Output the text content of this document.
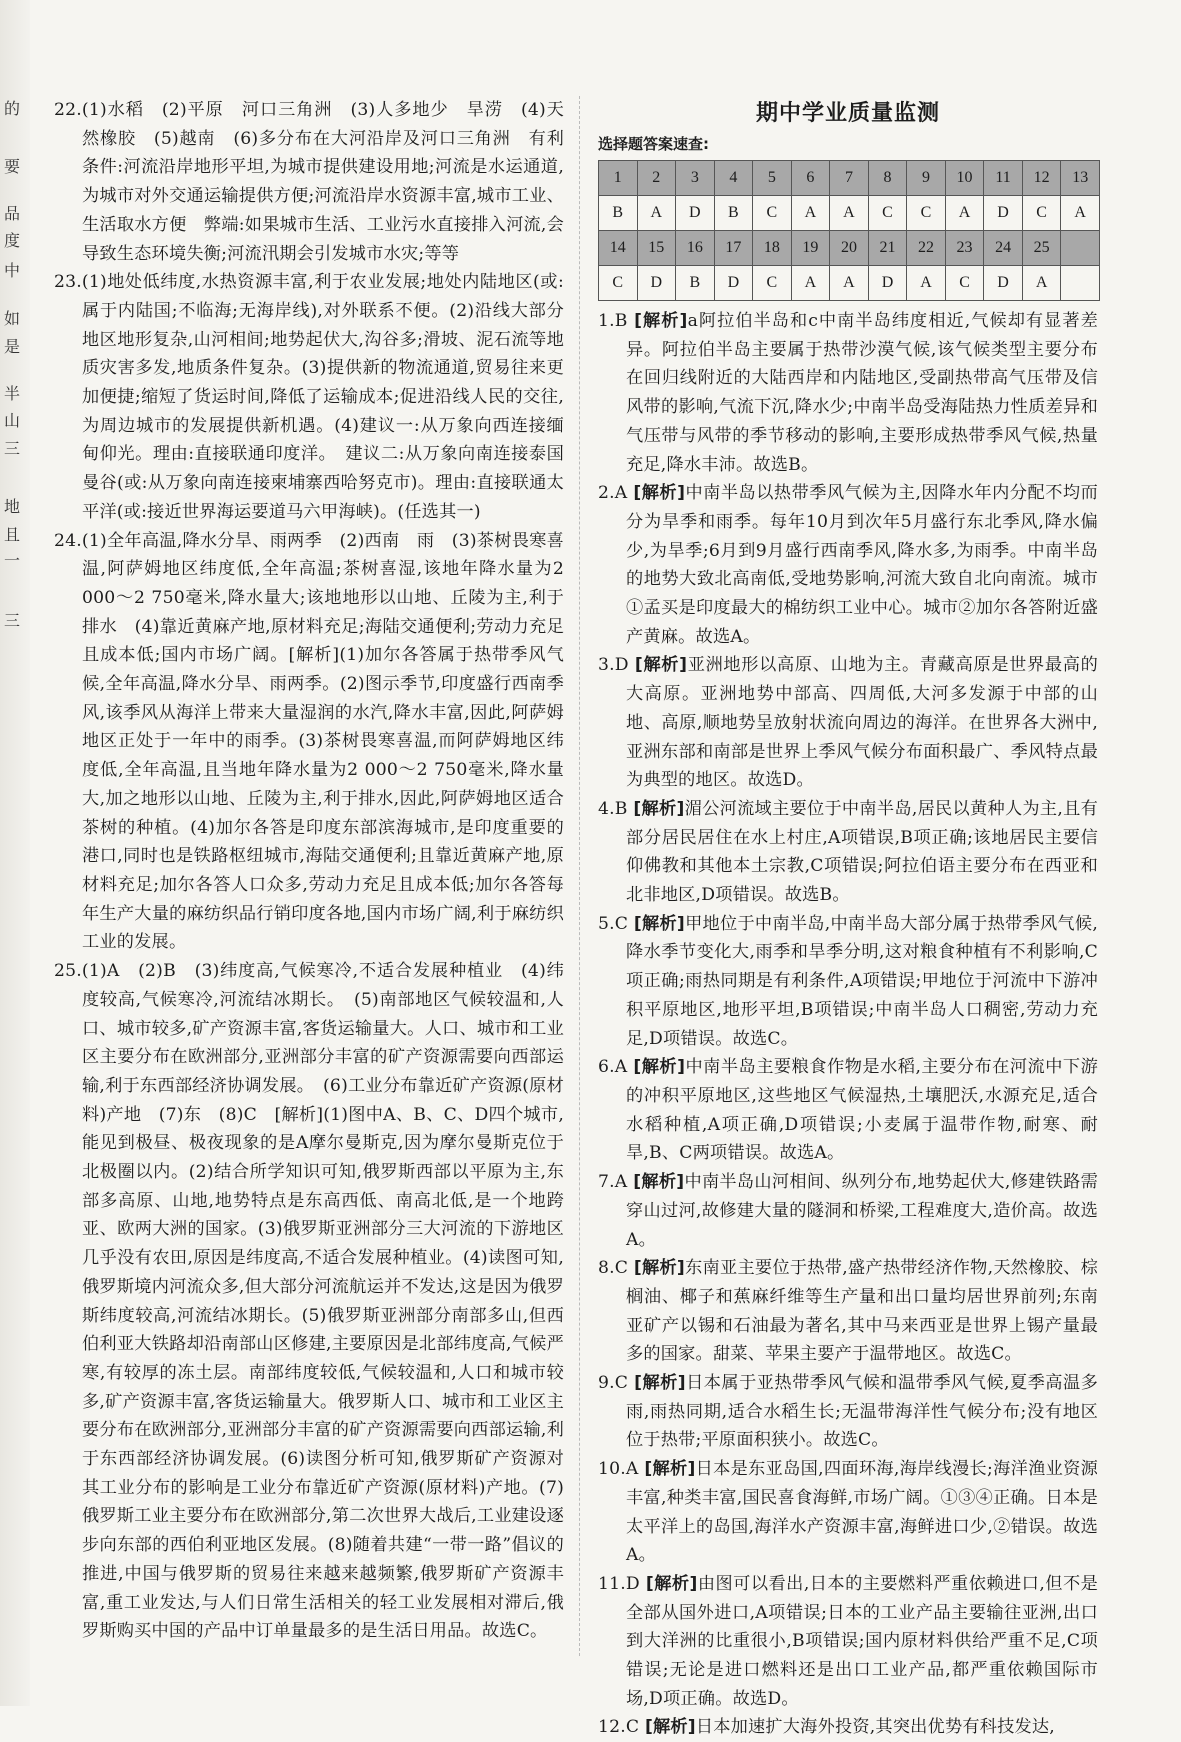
的
要
品
度
中
如
是
半
山
三
地
且
一
三

22.(1)水稻　(2)平原　河口三角洲　(3)人多地少　旱涝　(4)天然橡胶　(5)越南　(6)多分布在大河沿岸及河口三角洲　有利条件:河流沿岸地形平坦,为城市提供建设用地;河流是水运通道,为城市对外交通运输提供方便;河流沿岸水资源丰富,城市工业、生活取水方便　弊端:如果城市生活、工业污水直接排入河流,会导致生态环境失衡;河流汛期会引发城市水灾;等等

23.(1)地处低纬度,水热资源丰富,利于农业发展;地处内陆地区(或:属于内陆国;不临海;无海岸线),对外联系不便。(2)沿线大部分地区地形复杂,山河相间;地势起伏大,沟谷多;滑坡、泥石流等地质灾害多发,地质条件复杂。(3)提供新的物流通道,贸易往来更加便捷;缩短了货运时间,降低了运输成本;促进沿线人民的交往,为周边城市的发展提供新机遇。(4)建议一:从万象向西连接缅甸仰光。理由:直接联通印度洋。　建议二:从万象向南连接泰国曼谷(或:从万象向南连接柬埔寨西哈努克市)。理由:直接联通太平洋(或:接近世界海运要道马六甲海峡)。(任选其一)

24.(1)全年高温,降水分旱、雨两季　(2)西南　雨　(3)茶树畏寒喜温,阿萨姆地区纬度低,全年高温;茶树喜湿,该地年降水量为2 000～2 750毫米,降水量大;该地地形以山地、丘陵为主,利于排水　(4)靠近黄麻产地,原材料充足;海陆交通便利;劳动力充足且成本低;国内市场广阔。[解析](1)加尔各答属于热带季风气候,全年高温,降水分旱、雨两季。(2)图示季节,印度盛行西南季风,该季风从海洋上带来大量湿润的水汽,降水丰富,因此,阿萨姆地区正处于一年中的雨季。(3)茶树畏寒喜温,而阿萨姆地区纬度低,全年高温,且当地年降水量为2 000～2 750毫米,降水量大,加之地形以山地、丘陵为主,利于排水,因此,阿萨姆地区适合茶树的种植。(4)加尔各答是印度东部滨海城市,是印度重要的港口,同时也是铁路枢纽城市,海陆交通便利;且靠近黄麻产地,原材料充足;加尔各答人口众多,劳动力充足且成本低;加尔各答每年生产大量的麻纺织品行销印度各地,国内市场广阔,利于麻纺织工业的发展。

25.(1)A　(2)B　(3)纬度高,气候寒冷,不适合发展种植业　(4)纬度较高,气候寒冷,河流结冰期长。　(5)南部地区气候较温和,人口、城市较多,矿产资源丰富,客货运输量大。人口、城市和工业区主要分布在欧洲部分,亚洲部分丰富的矿产资源需要向西部运输,利于东西部经济协调发展。　(6)工业分布靠近矿产资源(原材料)产地　(7)东　(8)C　[解析](1)图中A、B、C、D四个城市,能见到极昼、极夜现象的是A摩尔曼斯克,因为摩尔曼斯克位于北极圈以内。(2)结合所学知识可知,俄罗斯西部以平原为主,东部多高原、山地,地势特点是东高西低、南高北低,是一个地跨亚、欧两大洲的国家。(3)俄罗斯亚洲部分三大河流的下游地区几乎没有农田,原因是纬度高,不适合发展种植业。(4)读图可知,俄罗斯境内河流众多,但大部分河流航运并不发达,这是因为俄罗斯纬度较高,河流结冰期长。(5)俄罗斯亚洲部分南部多山,但西伯利亚大铁路却沿南部山区修建,主要原因是北部纬度高,气候严寒,有较厚的冻土层。南部纬度较低,气候较温和,人口和城市较多,矿产资源丰富,客货运输量大。俄罗斯人口、城市和工业区主要分布在欧洲部分,亚洲部分丰富的矿产资源需要向西部运输,利于东西部经济协调发展。(6)读图分析可知,俄罗斯矿产资源对其工业分布的影响是工业分布靠近矿产资源(原材料)产地。(7)俄罗斯工业主要分布在欧洲部分,第二次世界大战后,工业建设逐步向东部的西伯利亚地区发展。(8)随着共建“一带一路”倡议的推进,中国与俄罗斯的贸易往来越来越频繁,俄罗斯矿产资源丰富,重工业发达,与人们日常生活相关的轻工业发展相对滞后,俄罗斯购买中国的产品中订单量最多的是生活日用品。故选C。

期中学业质量监测

选择题答案速查:

1	2	3	4	5	6	7	8	9	10	11	12	13
B	A	D	B	C	A	A	C	C	A	D	C	A
14	15	16	17	18	19	20	21	22	23	24	25	
C	D	B	D	C	A	A	D	A	C	D	A	

1.B [解析]a阿拉伯半岛和c中南半岛纬度相近,气候却有显著差异。阿拉伯半岛主要属于热带沙漠气候,该气候类型主要分布在回归线附近的大陆西岸和内陆地区,受副热带高气压带及信风带的影响,气流下沉,降水少;中南半岛受海陆热力性质差异和气压带与风带的季节移动的影响,主要形成热带季风气候,热量充足,降水丰沛。故选B。

2.A [解析]中南半岛以热带季风气候为主,因降水年内分配不均而分为旱季和雨季。每年10月到次年5月盛行东北季风,降水偏少,为旱季;6月到9月盛行西南季风,降水多,为雨季。中南半岛的地势大致北高南低,受地势影响,河流大致自北向南流。城市①孟买是印度最大的棉纺织工业中心。城市②加尔各答附近盛产黄麻。故选A。

3.D [解析]亚洲地形以高原、山地为主。青藏高原是世界最高的大高原。亚洲地势中部高、四周低,大河多发源于中部的山地、高原,顺地势呈放射状流向周边的海洋。在世界各大洲中,亚洲东部和南部是世界上季风气候分布面积最广、季风特点最为典型的地区。故选D。

4.B [解析]湄公河流域主要位于中南半岛,居民以黄种人为主,且有部分居民居住在水上村庄,A项错误,B项正确;该地居民主要信仰佛教和其他本土宗教,C项错误;阿拉伯语主要分布在西亚和北非地区,D项错误。故选B。

5.C [解析]甲地位于中南半岛,中南半岛大部分属于热带季风气候,降水季节变化大,雨季和旱季分明,这对粮食种植有不利影响,C项正确;雨热同期是有利条件,A项错误;甲地位于河流中下游冲积平原地区,地形平坦,B项错误;中南半岛人口稠密,劳动力充足,D项错误。故选C。

6.A [解析]中南半岛主要粮食作物是水稻,主要分布在河流中下游的冲积平原地区,这些地区气候湿热,土壤肥沃,水源充足,适合水稻种植,A项正确,D项错误;小麦属于温带作物,耐寒、耐旱,B、C两项错误。故选A。

7.A [解析]中南半岛山河相间、纵列分布,地势起伏大,修建铁路需穿山过河,故修建大量的隧洞和桥梁,工程难度大,造价高。故选A。

8.C [解析]东南亚主要位于热带,盛产热带经济作物,天然橡胶、棕榈油、椰子和蕉麻纤维等生产量和出口量均居世界前列;东南亚矿产以锡和石油最为著名,其中马来西亚是世界上锡产量最多的国家。甜菜、苹果主要产于温带地区。故选C。

9.C [解析]日本属于亚热带季风气候和温带季风气候,夏季高温多雨,雨热同期,适合水稻生长;无温带海洋性气候分布;没有地区位于热带;平原面积狭小。故选C。

10.A [解析]日本是东亚岛国,四面环海,海岸线漫长;海洋渔业资源丰富,种类丰富,国民喜食海鲜,市场广阔。①③④正确。日本是太平洋上的岛国,海洋水产资源丰富,海鲜进口少,②错误。故选A。

11.D [解析]由图可以看出,日本的主要燃料严重依赖进口,但不是全部从国外进口,A项错误;日本的工业产品主要输往亚洲,出口到大洋洲的比重很小,B项错误;国内原材料供给严重不足,C项错误;无论是进口燃料还是出口工业产品,都严重依赖国际市场,D项正确。故选D。

12.C [解析]日本加速扩大海外投资,其突出优势有科技发达,
